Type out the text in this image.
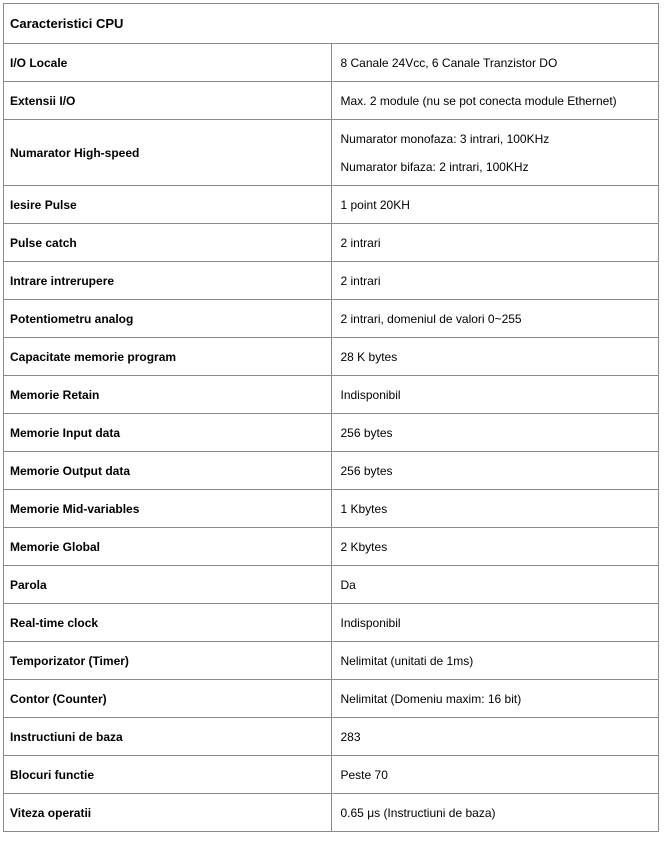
Caracteristici CPU	
I/O Locale	8 Canale 24Vcc, 6 Canale Tranzistor DO
Extensii I/O	Max. 2 module (nu se pot conecta module Ethernet)
Numarator High-speed	Numarator monofaza: 3 intrari, 100KHz
Numarator bifaza: 2 intrari, 100KHz

Iesire Pulse	1 point 20KH
Pulse catch	2 intrari
Intrare intrerupere	2 intrari
Potentiometru analog	2 intrari, domeniul de valori 0~255
Capacitate memorie program	28 K bytes
Memorie Retain	Indisponibil
Memorie Input data	256 bytes
Memorie Output data	256 bytes
Memorie Mid-variables	1 Kbytes
Memorie Global	2 Kbytes
Parola	Da
Real-time clock	Indisponibil
Temporizator (Timer)	Nelimitat (unitati de 1ms)
Contor (Counter)	Nelimitat (Domeniu maxim: 16 bit)
Instructiuni de baza	283
Blocuri functie	Peste 70
Viteza operatii	0.65 μs (Instructiuni de baza)
